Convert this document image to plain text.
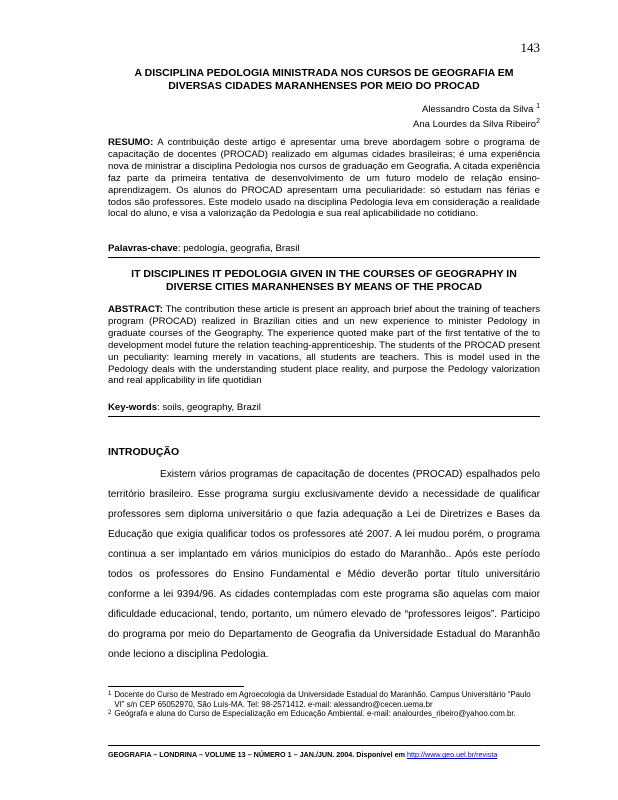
143
A DISCIPLINA PEDOLOGIA MINISTRADA NOS CURSOS DE GEOGRAFIA EM DIVERSAS CIDADES MARANHENSES POR MEIO DO PROCAD
Alessandro Costa da Silva $^1$
Ana Lourdes da Silva Ribeiro$^2$
RESUMO: A contribuição deste artigo é apresentar uma breve abordagem sobre o programa de capacitação de docentes (PROCAD) realizado em algumas cidades brasileiras; é uma experiência nova de ministrar a disciplina Pedologia nos cursos de graduação em Geografia. A citada experiência faz parte da primeira tentativa de desenvolvimento de um futuro modelo de relação ensino-aprendizagem. Os alunos do PROCAD apresentam uma peculiaridade: só estudam nas férias e todos são professores. Este modelo usado na disciplina Pedologia leva em consideração a realidade local do aluno, e visa a valorização da Pedologia e sua real aplicabilidade no cotidiano.
Palavras-chave: pedologia, geografia, Brasil
IT DISCIPLINES IT PEDOLOGIA GIVEN IN THE COURSES OF GEOGRAPHY IN DIVERSE CITIES MARANHENSES BY MEANS OF THE PROCAD
ABSTRACT: The contribution these article is present an approach brief about the training of teachers program (PROCAD) realized in Brazilian cities and un new experience to minister Pedology in graduate courses of the Geography. The experience quoted make part of the first tentative of the to development model future the relation teaching-apprenticeship. The students of the PROCAD present un peculiarity: learning merely in vacations, all students are teachers. This is model used in the Pedology deals with the understanding student place reality, and purpose the Pedology valorization and real applicability in life quotidian
Key-words: soils, geography, Brazil
INTRODUÇÃO

Existem vários programas de capacitação de docentes (PROCAD) espalhados pelo território brasileiro. Esse programa surgiu exclusivamente devido a necessidade de qualificar professores sem diploma universitário o que fazia adequação a Lei de Diretrizes e Bases da Educação que exigia qualificar todos os professores até 2007. A lei mudou porém, o programa continua a ser implantado em vários municípios do estado do Maranhão.. Após este período todos os professores do Ensino Fundamental e Médio deverão portar título universitário conforme a lei 9394/96. As cidades contempladas com este programa são aquelas com maior dificuldade educacional, tendo, portanto, um número elevado de “professores leigos”. Participo do programa por meio do Departamento de Geografia da Universidade Estadual do Maranhão onde leciono a disciplina Pedologia.

1 Docente do Curso de Mestrado em Agroecologia da Universidade Estadual do Maranhão. Campus Universitário “Paulo VI” s/n CEP 65052970, São Luís-MA. Tel: 98-2571412. e-mail: alessandro@cecen.uema.br
2 Geógrafa e aluna do Curso de Especialização em Educação Ambiental. e-mail: analourdes_ribeiro@yahoo.com.br.
GEOGRAFIA – LONDRINA – VOLUME 13 – NÚMERO 1 – JAN./JUN. 2004. Disponível em http://www.geo.uel.br/revista
